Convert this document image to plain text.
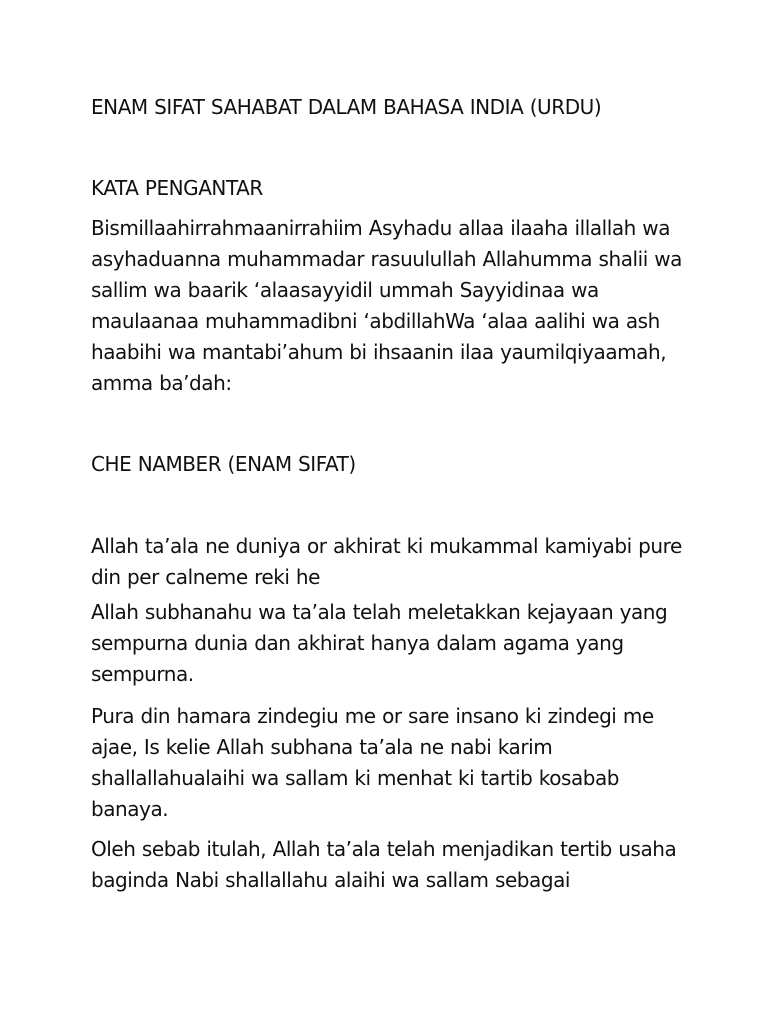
ENAM SIFAT SAHABAT DALAM BAHASA INDIA (URDU)

KATA PENGANTAR

Bismillaahirrahmaanirrahiim Asyhadu allaa ilaaha illallah wa asyhaduanna muhammadar rasuulullah Allahumma shalii wa sallim wa baarik ‘alaasayyidil ummah Sayyidinaa wa maulaanaa muhammadibni ‘abdillahWa ‘alaa aalihi wa ash haabihi wa mantabi’ahum bi ihsaanin ilaa yaumilqiyaamah, amma ba’dah:

CHE NAMBER (ENAM SIFAT)

Allah ta’ala ne duniya or akhirat ki mukammal kamiyabi pure din per calneme reki he

Allah subhanahu wa ta’ala telah meletakkan kejayaan yang sempurna dunia dan akhirat hanya dalam agama yang sempurna.

Pura din hamara zindegiu me or sare insano ki zindegi me ajae, Is kelie Allah subhana ta’ala ne nabi karim shallallahualaihi wa sallam ki menhat ki tartib kosabab banaya.

Oleh sebab itulah, Allah ta’ala telah menjadikan tertib usaha baginda Nabi shallallahu alaihi wa sallam sebagai
